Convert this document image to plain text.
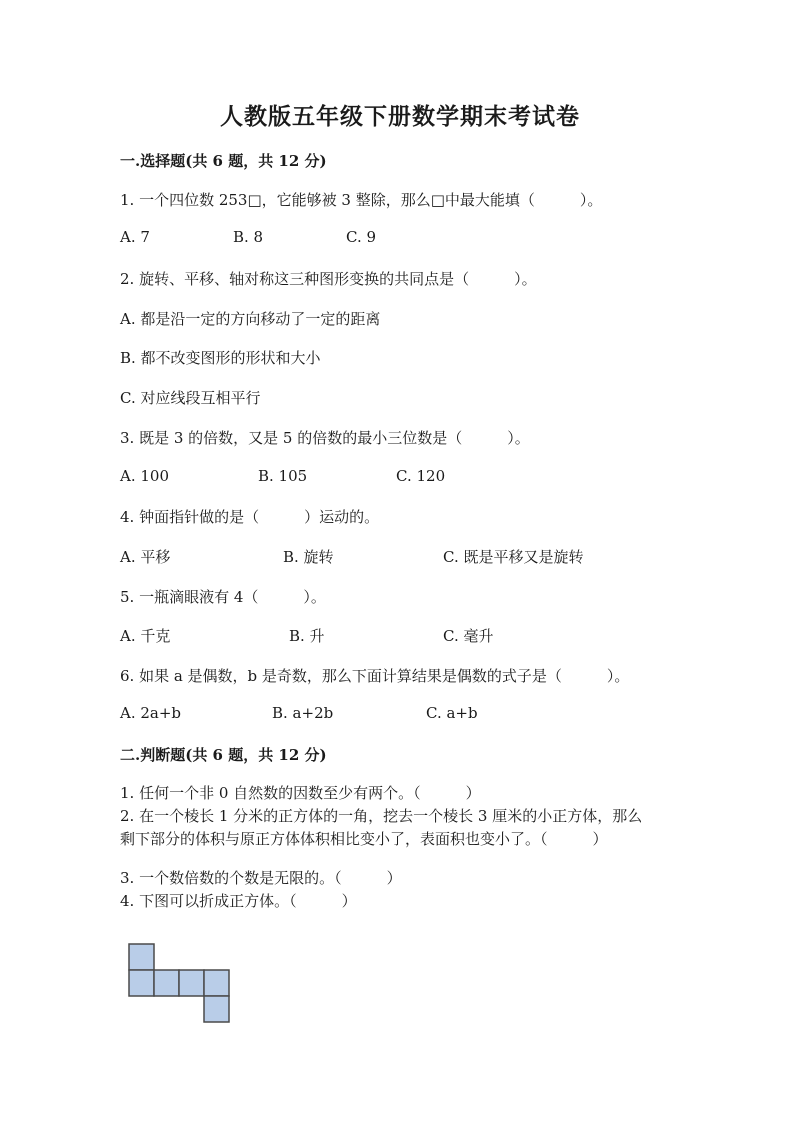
人教版五年级下册数学期末考试卷
一.选择题(共 6 题，共 12 分)
1. 一个四位数 253□，它能够被 3 整除，那么□中最大能填（　　　）。
A. 7	B. 8	C. 9
2. 旋转、平移、轴对称这三种图形变换的共同点是（　　　）。
A. 都是沿一定的方向移动了一定的距离
B. 都不改变图形的形状和大小
C. 对应线段互相平行
3. 既是 3 的倍数，又是 5 的倍数的最小三位数是（　　　）。
A. 100	B. 105	C. 120
4. 钟面指针做的是（　　　）运动的。
A. 平移	B. 旋转	C. 既是平移又是旋转
5. 一瓶滴眼液有 4（　　　）。
A. 千克	B. 升	C. 毫升
6. 如果 a 是偶数，b 是奇数，那么下面计算结果是偶数的式子是（　　　）。
A. 2a+b	B. a+2b	C. a+b
二.判断题(共 6 题，共 12 分)
1. 任何一个非 0 自然数的因数至少有两个。（　　　）
2. 在一个棱长 1 分米的正方体的一角，挖去一个棱长 3 厘米的小正方体，那么
剩下部分的体积与原正方体体积相比变小了，表面积也变小了。（　　　）
3. 一个数倍数的个数是无限的。（　　　）
4. 下图可以折成正方体。（　　　）
